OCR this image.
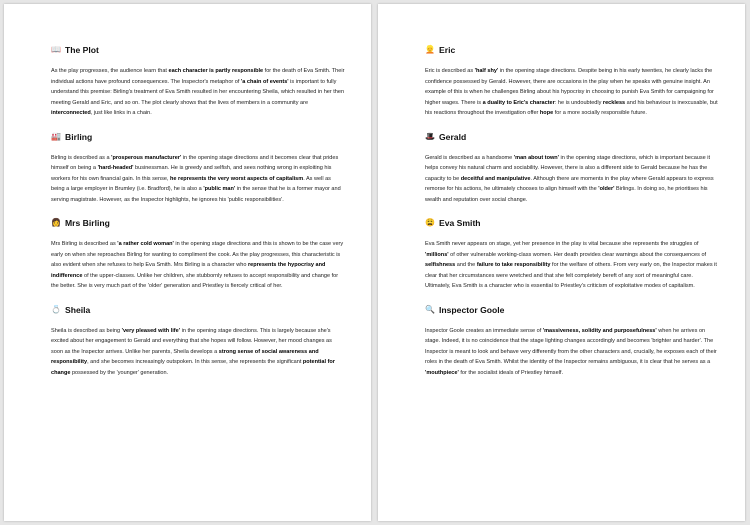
📖 The Plot

As the play progresses, the audience learn that each character is partly responsible for the death of Eva Smith. Their individual actions have profound consequences. The Inspector's metaphor of 'a chain of events' is important to fully understand this premise: Birling's treatment of Eva Smith resulted in her encountering Sheila, which resulted in her then meeting Gerald and Eric, and so on. The plot clearly shows that the lives of members in a community are interconnected, just like links in a chain.

🏭 Birling

Birling is described as a 'prosperous manufacturer' in the opening stage directions and it becomes clear that prides himself on being a 'hard-headed' businessman. He is greedy and selfish, and sees nothing wrong in exploiting his workers for his own financial gain. In this sense, he represents the very worst aspects of capitalism. As well as being a large employer in Brumley (i.e. Bradford), he is also a 'public man' in the sense that he is a former mayor and serving magistrate. However, as the Inspector highlights, he ignores his 'public responsibilities'.

👩 Mrs Birling

Mrs Birling is described as 'a rather cold woman' in the opening stage directions and this is shown to be the case very early on when she reproaches Birling for wanting to compliment the cook. As the play progresses, this characteristic is also evident when she refuses to help Eva Smith. Mrs Birling is a character who represents the hypocrisy and indifference of the upper-classes. Unlike her children, she stubbornly refuses to accept responsibility and change for the better. She is very much part of the 'older' generation and Priestley is fiercely critical of her.

💍 Sheila

Sheila is described as being 'very pleased with life' in the opening stage directions. This is largely because she's excited about her engagement to Gerald and everything that she hopes will follow. However, her mood changes as soon as the Inspector arrives. Unlike her parents, Sheila develops a strong sense of social awareness and responsibility, and she becomes increasingly outspoken. In this sense, she represents the significant potential for change possessed by the 'younger' generation.

👱 Eric

Eric is described as 'half shy' in the opening stage directions. Despite being in his early twenties, he clearly lacks the confidence possessed by Gerald. However, there are occasions in the play when he speaks with genuine insight. An example of this is when he challenges Birling about his hypocrisy in choosing to punish Eva Smith for campaigning for higher wages. There is a duality to Eric's character: he is undoubtedly reckless and his behaviour is inexcusable, but his reactions throughout the investigation offer hope for a more socially responsible future.

🎩 Gerald

Gerald is described as a handsome 'man about town' in the opening stage directions, which is important because it helps convey his natural charm and sociability. However, there is also a different side to Gerald because he has the capacity to be deceitful and manipulative. Although there are moments in the play where Gerald appears to express remorse for his actions, he ultimately chooses to align himself with the 'older' Birlings. In doing so, he prioritises his wealth and reputation over social change.

😩 Eva Smith

Eva Smith never appears on stage, yet her presence in the play is vital because she represents the struggles of 'millions' of other vulnerable working-class women. Her death provides clear warnings about the consequences of selfishness and the failure to take responsibility for the welfare of others. From very early on, the Inspector makes it clear that her circumstances were wretched and that she felt completely bereft of any sort of meaningful care. Ultimately, Eva Smith is a character who is essential to Priestley's criticism of exploitative modes of capitalism.

🔍 Inspector Goole

Inspector Goole creates an immediate sense of 'massiveness, solidity and purposefulness' when he arrives on stage. Indeed, it is no coincidence that the stage lighting changes accordingly and becomes 'brighter and harder'. The Inspector is meant to look and behave very differently from the other characters and, crucially, he exposes each of their roles in the death of Eva Smith. Whilst the identity of the Inspector remains ambiguous, it is clear that he serves as a 'mouthpiece' for the socialist ideals of Priestley himself.
